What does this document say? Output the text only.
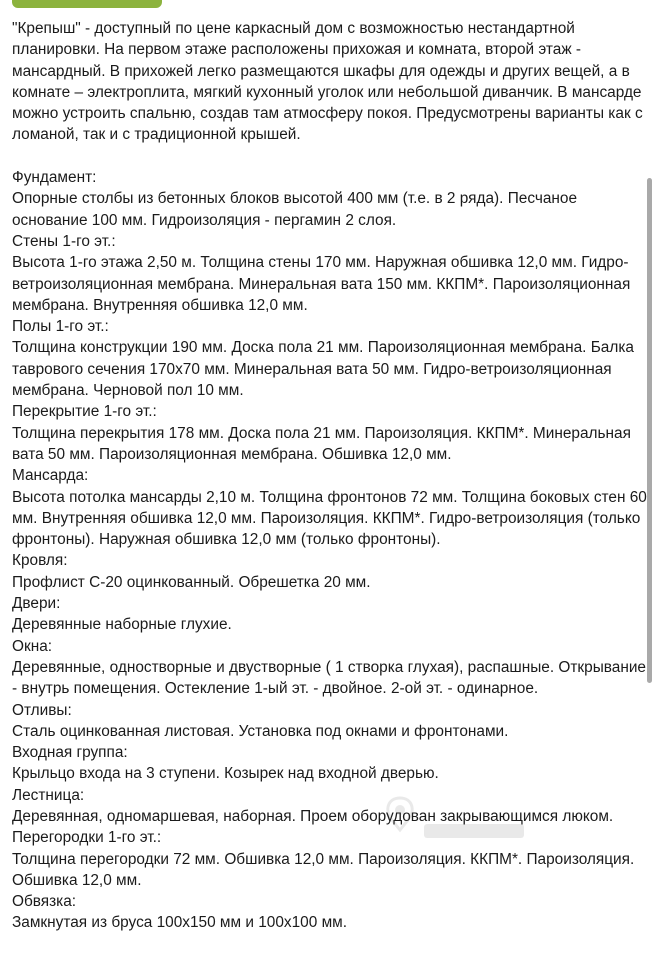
"Крепыш" - доступный по цене каркасный дом с возможностью нестандартной планировки. На первом этаже расположены прихожая и комната, второй этаж - мансардный. В прихожей легко размещаются шкафы для одежды и других вещей, а в комнате – электроплита, мягкий кухонный уголок или небольшой диванчик. В мансарде можно устроить спальню, создав там атмосферу покоя. Предусмотрены варианты как с ломаной, так и с традиционной крышей.

Фундамент:

Опорные столбы из бетонных блоков высотой 400 мм (т.е. в 2 ряда). Песчаное основание 100 мм. Гидроизоляция - пергамин 2 слоя.

Стены 1-го эт.:

Высота 1-го этажа 2,50 м. Толщина стены 170 мм. Наружная обшивка 12,0 мм. Гидро-ветроизоляционная мембрана. Минеральная вата 150 мм. ККПМ*. Пароизоляционная мембрана. Внутренняя обшивка 12,0 мм.

Полы 1-го эт.:

Толщина конструкции 190 мм. Доска пола 21 мм. Пароизоляционная мембрана. Балка таврового сечения 170х70 мм. Минеральная вата 50 мм. Гидро-ветроизоляционная мембрана. Черновой пол 10 мм.

Перекрытие 1-го эт.:

Толщина перекрытия 178 мм. Доска пола 21 мм. Пароизоляция. ККПМ*. Минеральная вата 50 мм. Пароизоляционная мембрана. Обшивка 12,0 мм.

Мансарда:

Высота потолка мансарды 2,10 м. Толщина фронтонов 72 мм. Толщина боковых стен 60 мм. Внутренняя обшивка 12,0 мм. Пароизоляция. ККПМ*. Гидро-ветроизоляция (только фронтоны). Наружная обшивка 12,0 мм (только фронтоны).

Кровля:

Профлист С-20 оцинкованный. Обрешетка 20 мм.

Двери:

Деревянные наборные глухие.

Окна:

Деревянные, одностворные и двустворные ( 1 створка глухая), распашные. Открывание - внутрь помещения. Остекление 1-ый эт. - двойное. 2-ой эт. - одинарное.

Отливы:

Сталь оцинкованная листовая. Установка под окнами и фронтонами.

Входная группа:

Крыльцо входа на 3 ступени. Козырек над входной дверью.

Лестница:

Деревянная, одномаршевая, наборная. Проем оборудован закрывающимся люком.

Перегородки 1-го эт.:

Толщина перегородки 72 мм. Обшивка 12,0 мм. Пароизоляция. ККПМ*. Пароизоляция. Обшивка 12,0 мм.

Обвязка:

Замкнутая из бруса 100х150 мм и 100х100 мм.
